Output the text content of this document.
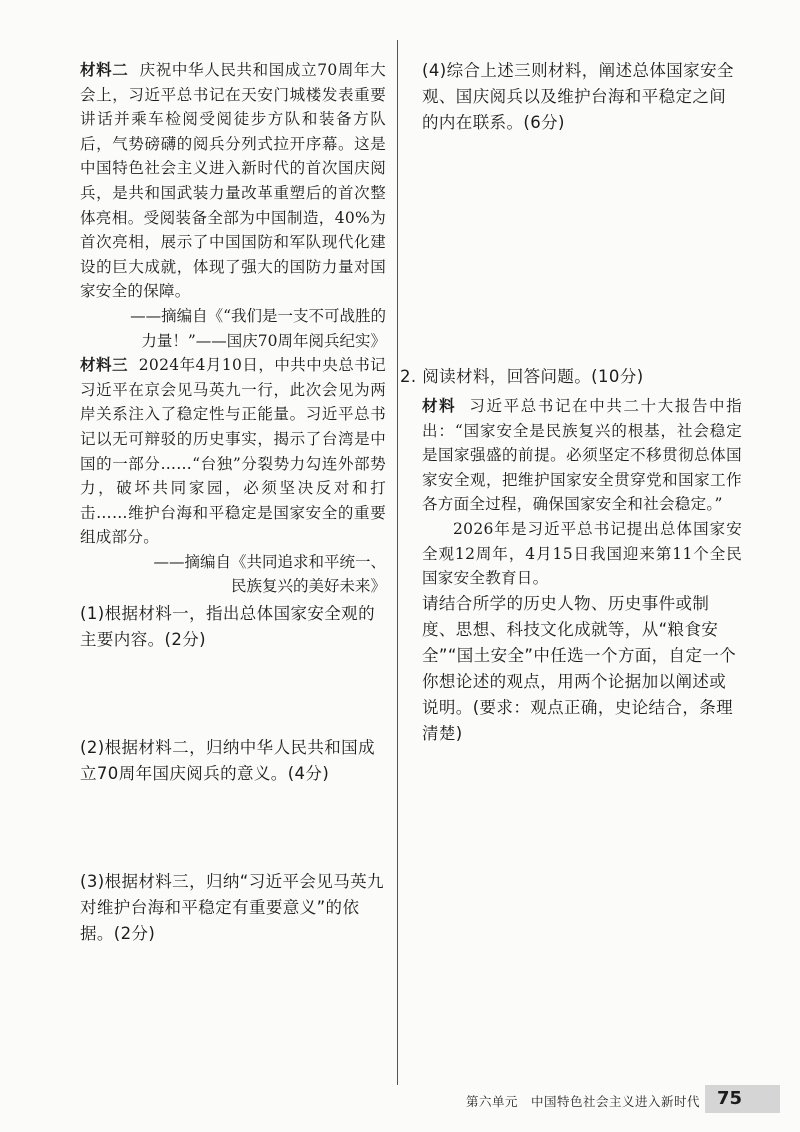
材料二 庆祝中华人民共和国成立70周年大会上，习近平总书记在天安门城楼发表重要讲话并乘车检阅受阅徒步方队和装备方队后，气势磅礴的阅兵分列式拉开序幕。这是中国特色社会主义进入新时代的首次国庆阅兵，是共和国武装力量改革重塑后的首次整体亮相。受阅装备全部为中国制造，40%为首次亮相，展示了中国国防和军队现代化建设的巨大成就，体现了强大的国防力量对国家安全的保障。

——摘编自《“我们是一支不可战胜的

力量！”——国庆70周年阅兵纪实》

材料三 2024年4月10日，中共中央总书记习近平在京会见马英九一行，此次会见为两岸关系注入了稳定性与正能量。习近平总书记以无可辩驳的历史事实，揭示了台湾是中国的一部分……“台独”分裂势力勾连外部势力，破坏共同家园，必须坚决反对和打击……维护台海和平稳定是国家安全的重要组成部分。

——摘编自《共同追求和平统一、

民族复兴的美好未来》

(1)根据材料一，指出总体国家安全观的主要内容。(2分)

(2)根据材料二，归纳中华人民共和国成立70周年国庆阅兵的意义。(4分)

(3)根据材料三，归纳“习近平会见马英九对维护台海和平稳定有重要意义”的依据。(2分)

(4)综合上述三则材料，阐述总体国家安全观、国庆阅兵以及维护台海和平稳定之间的内在联系。(6分)

2. 阅读材料，回答问题。(10分)

材料 习近平总书记在中共二十大报告中指出：“国家安全是民族复兴的根基，社会稳定是国家强盛的前提。必须坚定不移贯彻总体国家安全观，把维护国家安全贯穿党和国家工作各方面全过程，确保国家安全和社会稳定。”

2026年是习近平总书记提出总体国家安全观12周年，4月15日我国迎来第11个全民国家安全教育日。

请结合所学的历史人物、历史事件或制度、思想、科技文化成就等，从“粮食安全”“国土安全”中任选一个方面，自定一个你想论述的观点，用两个论据加以阐述或说明。(要求：观点正确，史论结合，条理清楚)

第六单元　中国特色社会主义进入新时代 75
